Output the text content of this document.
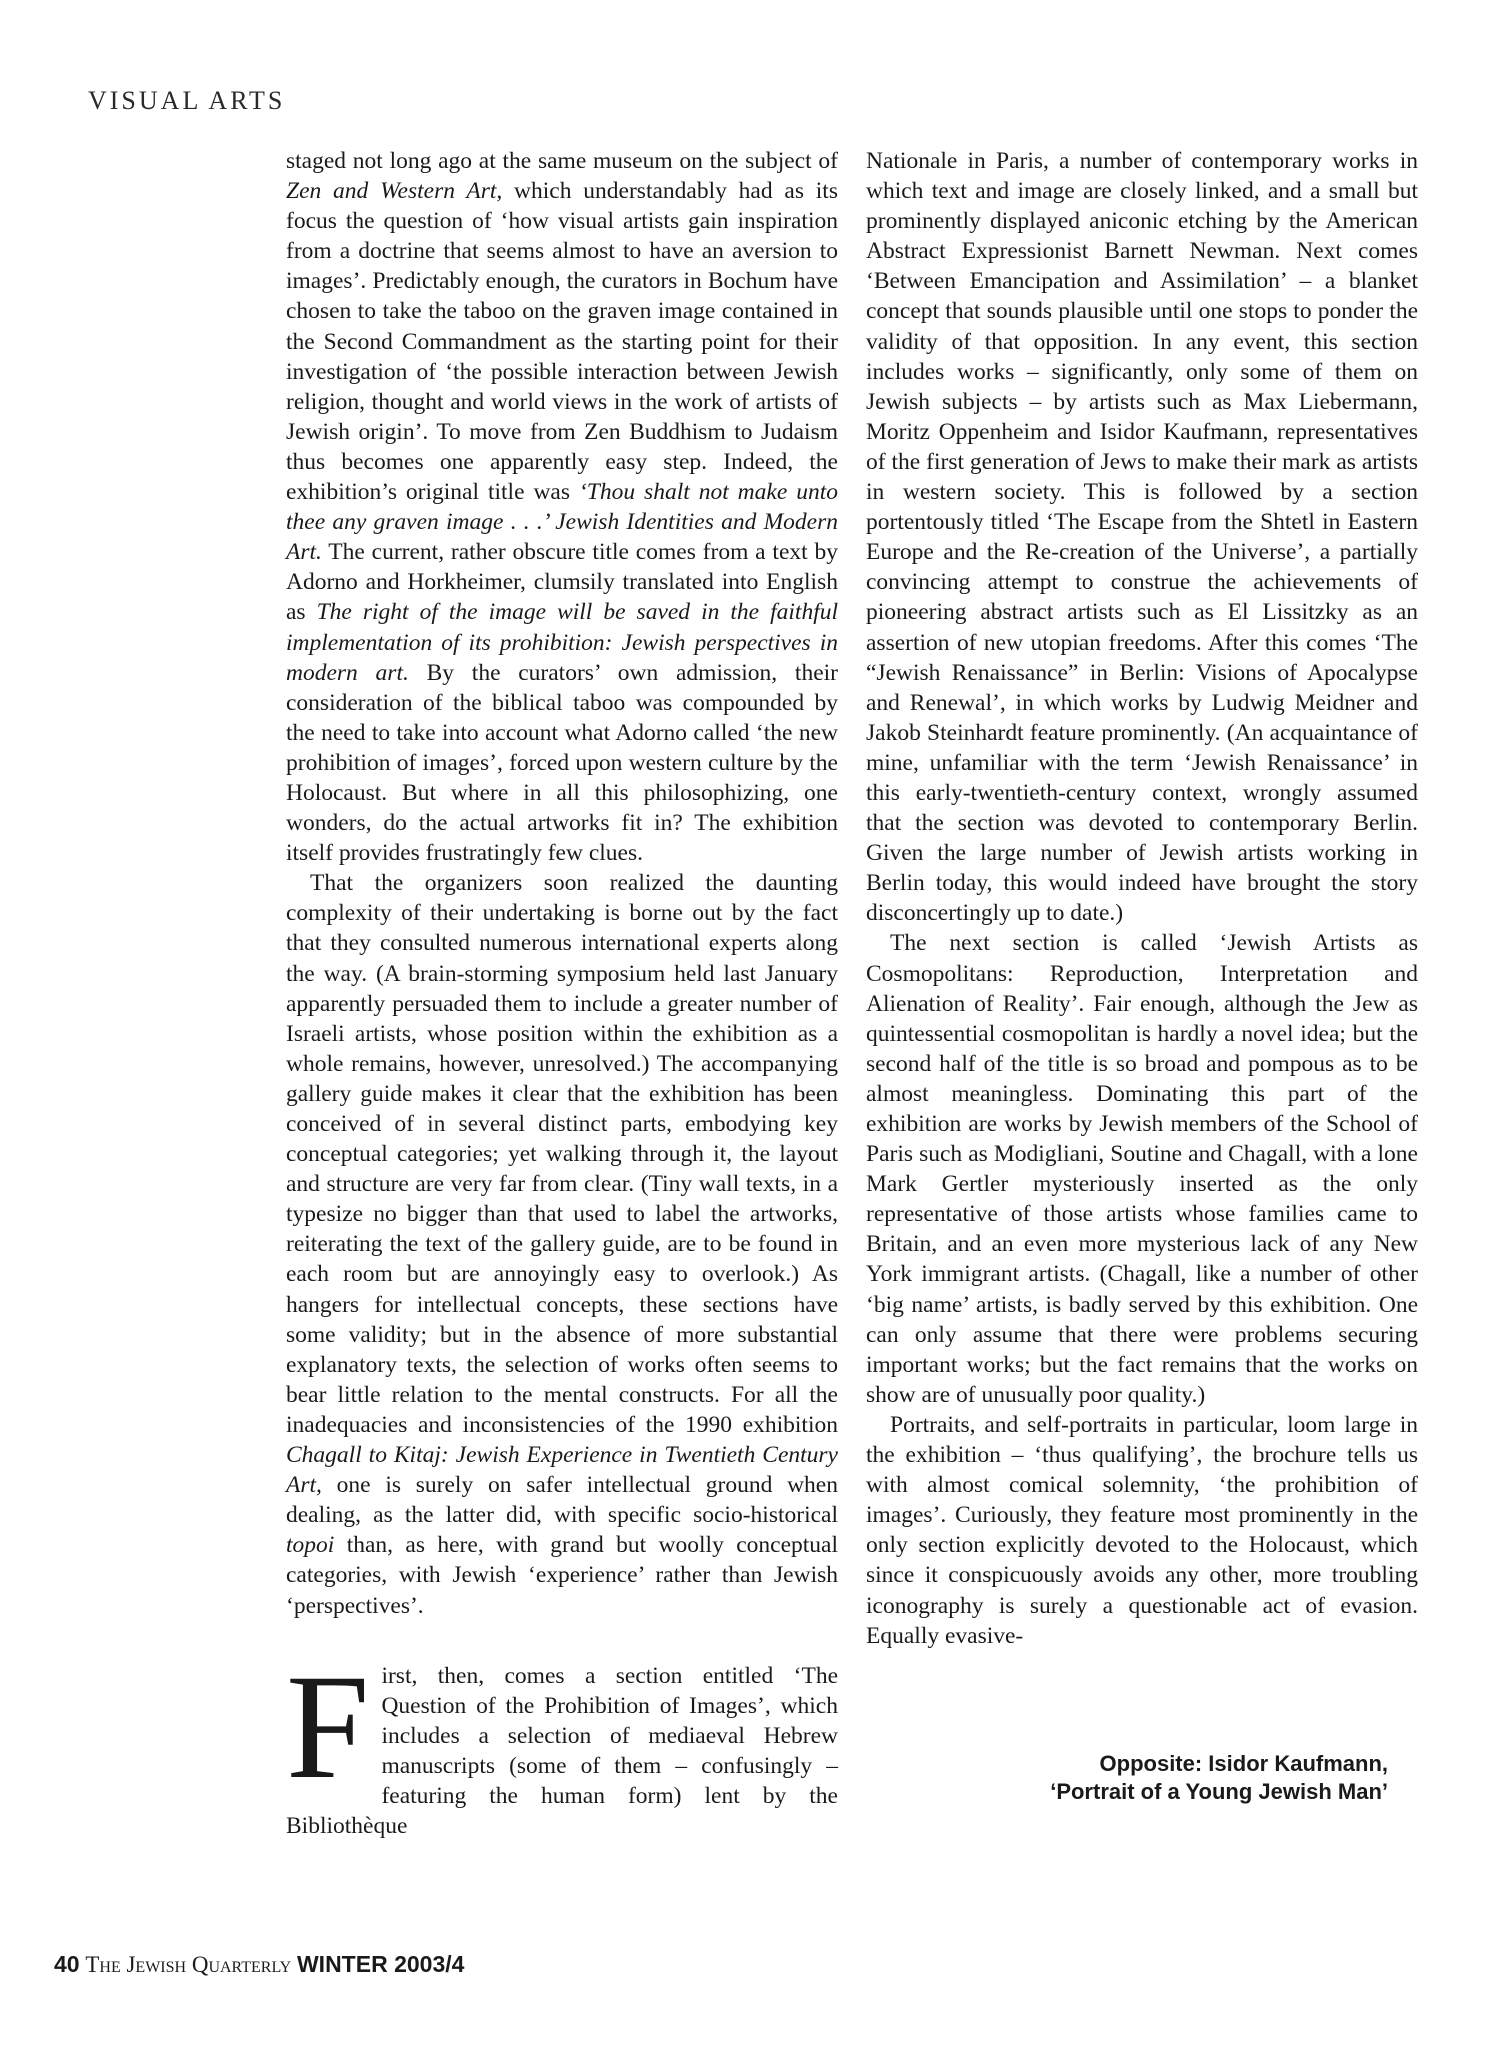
VISUAL ARTS

staged not long ago at the same museum on the subject of Zen and Western Art, which understandably had as its focus the question of ‘how visual artists gain inspiration from a doctrine that seems almost to have an aversion to images’. Predictably enough, the curators in Bochum have chosen to take the taboo on the graven image contained in the Second Commandment as the starting point for their investigation of ‘the possible interaction between Jewish religion, thought and world views in the work of artists of Jewish origin’. To move from Zen Buddhism to Judaism thus becomes one apparently easy step. Indeed, the exhibition’s original title was ‘Thou shalt not make unto thee any graven image . . .’ Jewish Identities and Modern Art. The current, rather obscure title comes from a text by Adorno and Horkheimer, clumsily translated into English as The right of the image will be saved in the faithful implementation of its prohibition: Jewish perspectives in modern art. By the curators’ own admission, their consideration of the biblical taboo was compounded by the need to take into account what Adorno called ‘the new prohibition of images’, forced upon western culture by the Holocaust. But where in all this philosophizing, one wonders, do the actual artworks fit in? The exhibition itself provides frustratingly few clues.

That the organizers soon realized the daunting complexity of their undertaking is borne out by the fact that they consulted numerous international experts along the way. (A brain-storming symposium held last January apparently persuaded them to include a greater number of Israeli artists, whose position within the exhibition as a whole remains, however, unresolved.) The accompanying gallery guide makes it clear that the exhibition has been conceived of in several distinct parts, embodying key conceptual categories; yet walking through it, the layout and structure are very far from clear. (Tiny wall texts, in a typesize no bigger than that used to label the artworks, reiterating the text of the gallery guide, are to be found in each room but are annoyingly easy to overlook.) As hangers for intellectual concepts, these sections have some validity; but in the absence of more substantial explanatory texts, the selection of works often seems to bear little relation to the mental constructs. For all the inadequacies and inconsistencies of the 1990 exhibition Chagall to Kitaj: Jewish Experience in Twentieth Century Art, one is surely on safer intellectual ground when dealing, as the latter did, with specific socio-historical topoi than, as here, with grand but woolly conceptual categories, with Jewish ‘experience’ rather than Jewish ‘perspectives’.

First, then, comes a section entitled ‘The Question of the Prohibition of Images’, which includes a selection of mediaeval Hebrew manuscripts (some of them – confusingly – featuring the human form) lent by the Bibliothèque

Nationale in Paris, a number of contemporary works in which text and image are closely linked, and a small but prominently displayed aniconic etching by the American Abstract Expressionist Barnett Newman. Next comes ‘Between Emancipation and Assimilation’ – a blanket concept that sounds plausible until one stops to ponder the validity of that opposition. In any event, this section includes works – significantly, only some of them on Jewish subjects – by artists such as Max Liebermann, Moritz Oppenheim and Isidor Kaufmann, representatives of the first generation of Jews to make their mark as artists in western society. This is followed by a section portentously titled ‘The Escape from the Shtetl in Eastern Europe and the Re-creation of the Universe’, a partially convincing attempt to construe the achievements of pioneering abstract artists such as El Lissitzky as an assertion of new utopian freedoms. After this comes ‘The “Jewish Renaissance” in Berlin: Visions of Apocalypse and Renewal’, in which works by Ludwig Meidner and Jakob Steinhardt feature prominently. (An acquaintance of mine, unfamiliar with the term ‘Jewish Renaissance’ in this early-twentieth-century context, wrongly assumed that the section was devoted to contemporary Berlin. Given the large number of Jewish artists working in Berlin today, this would indeed have brought the story disconcertingly up to date.)

The next section is called ‘Jewish Artists as Cosmopolitans: Reproduction, Interpretation and Alienation of Reality’. Fair enough, although the Jew as quintessential cosmopolitan is hardly a novel idea; but the second half of the title is so broad and pompous as to be almost meaningless. Dominating this part of the exhibition are works by Jewish members of the School of Paris such as Modigliani, Soutine and Chagall, with a lone Mark Gertler mysteriously inserted as the only representative of those artists whose families came to Britain, and an even more mysterious lack of any New York immigrant artists. (Chagall, like a number of other ‘big name’ artists, is badly served by this exhibition. One can only assume that there were problems securing important works; but the fact remains that the works on show are of unusually poor quality.)

Portraits, and self-portraits in particular, loom large in the exhibition – ‘thus qualifying’, the brochure tells us with almost comical solemnity, ‘the prohibition of images’. Curiously, they feature most prominently in the only section explicitly devoted to the Holocaust, which since it conspicuously avoids any other, more troubling iconography is surely a questionable act of evasion. Equally evasive-

Opposite: Isidor Kaufmann,
‘Portrait of a Young Jewish Man’
40 The Jewish Quarterly WINTER 2003/4
